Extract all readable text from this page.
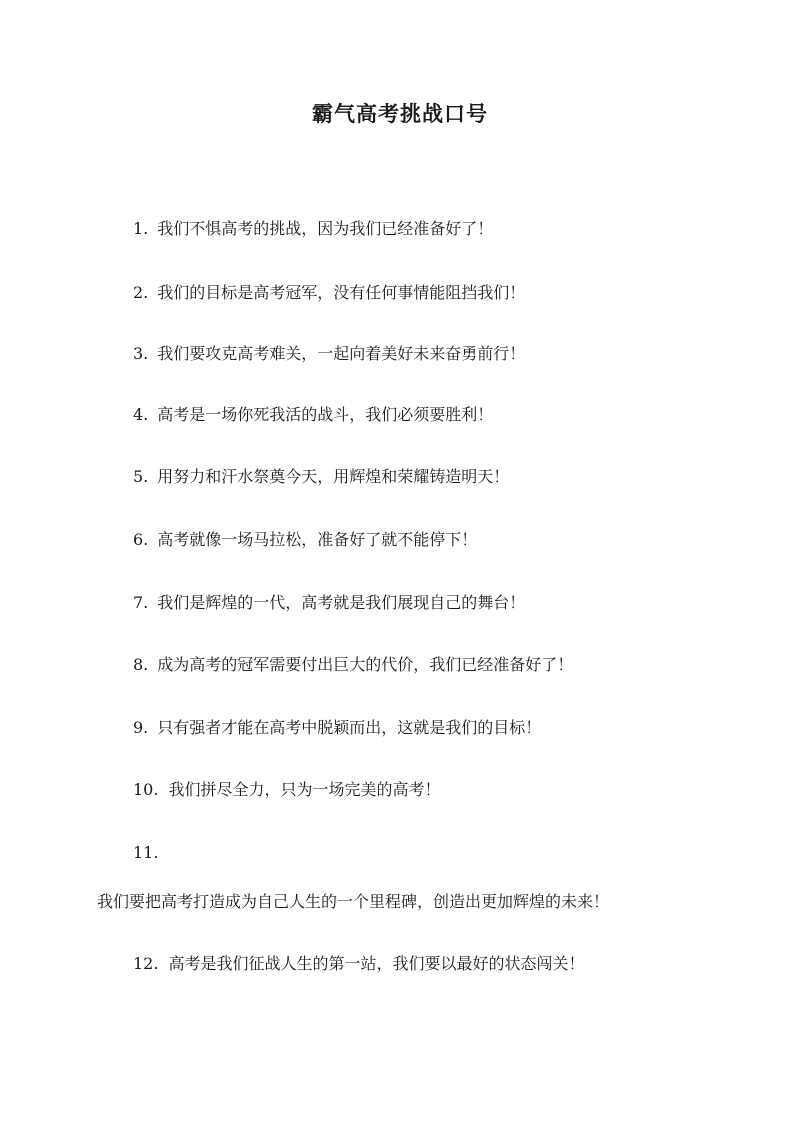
霸气高考挑战口号
1. 我们不惧高考的挑战，因为我们已经准备好了！
2. 我们的目标是高考冠军，没有任何事情能阻挡我们！
3. 我们要攻克高考难关，一起向着美好未来奋勇前行！
4. 高考是一场你死我活的战斗，我们必须要胜利！
5. 用努力和汗水祭奠今天，用辉煌和荣耀铸造明天！
6. 高考就像一场马拉松，准备好了就不能停下！
7. 我们是辉煌的一代，高考就是我们展现自己的舞台！
8. 成为高考的冠军需要付出巨大的代价，我们已经准备好了！
9. 只有强者才能在高考中脱颖而出，这就是我们的目标！
10. 我们拼尽全力，只为一场完美的高考！
11.
我们要把高考打造成为自己人生的一个里程碑，创造出更加辉煌的未来！
12. 高考是我们征战人生的第一站，我们要以最好的状态闯关！
